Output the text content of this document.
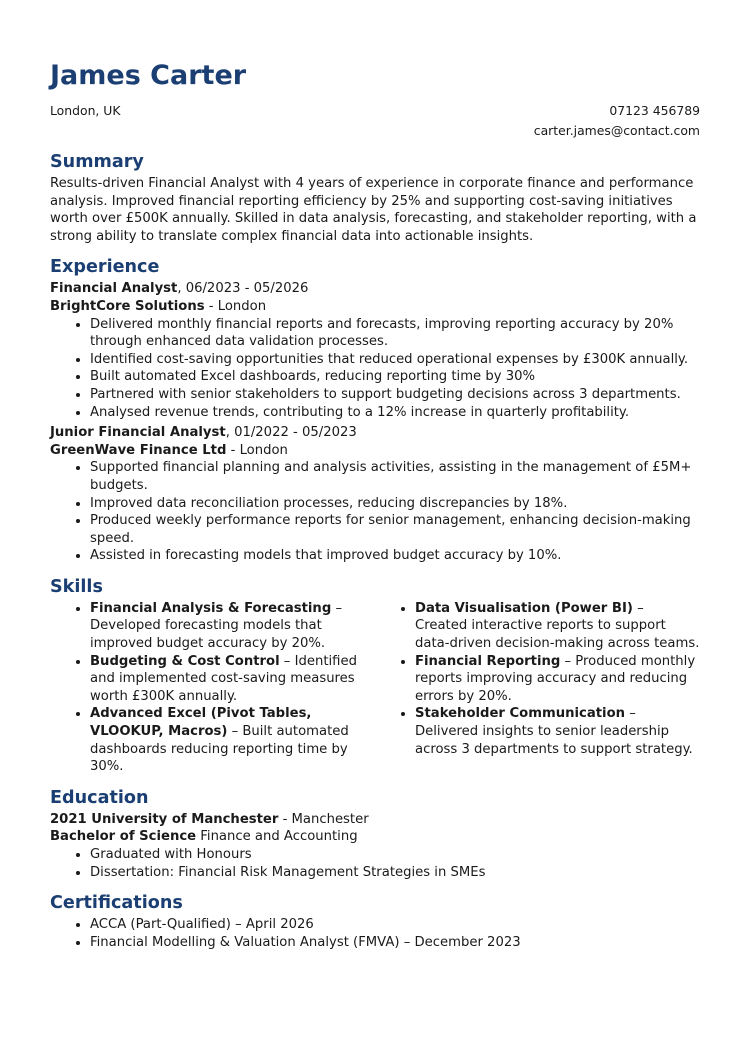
James Carter
London, UK	07123 456789
carter.james@contact.com
Summary

Results-driven Financial Analyst with 4 years of experience in corporate finance and performance analysis. Improved financial reporting efficiency by 25% and supporting cost-saving initiatives worth over £500K annually. Skilled in data analysis, forecasting, and stakeholder reporting, with a strong ability to translate complex financial data into actionable insights.

Experience
Financial Analyst, 06/2023 - 05/2026
BrightCore Solutions - London
• Delivered monthly financial reports and forecasts, improving reporting accuracy by 20% through enhanced data validation processes.
• Identified cost-saving opportunities that reduced operational expenses by £300K annually.
• Built automated Excel dashboards, reducing reporting time by 30%
• Partnered with senior stakeholders to support budgeting decisions across 3 departments.
• Analysed revenue trends, contributing to a 12% increase in quarterly profitability.
Junior Financial Analyst, 01/2022 - 05/2023
GreenWave Finance Ltd - London
• Supported financial planning and analysis activities, assisting in the management of £5M+ budgets.
• Improved data reconciliation processes, reducing discrepancies by 18%.
• Produced weekly performance reports for senior management, enhancing decision-making speed.
• Assisted in forecasting models that improved budget accuracy by 10%.
Skills
• Financial Analysis & Forecasting – Developed forecasting models that improved budget accuracy by 20%.
• Budgeting & Cost Control – Identified and implemented cost-saving measures worth £300K annually.
• Advanced Excel (Pivot Tables, VLOOKUP, Macros) – Built automated dashboards reducing reporting time by 30%.
• Data Visualisation (Power BI) – Created interactive reports to support data-driven decision-making across teams.
• Financial Reporting – Produced monthly reports improving accuracy and reducing errors by 20%.
• Stakeholder Communication – Delivered insights to senior leadership across 3 departments to support strategy.
Education
2021 University of Manchester - Manchester
Bachelor of Science Finance and Accounting
• Graduated with Honours
• Dissertation: Financial Risk Management Strategies in SMEs
Certifications
• ACCA (Part-Qualified) – April 2026
• Financial Modelling & Valuation Analyst (FMVA) – December 2023
